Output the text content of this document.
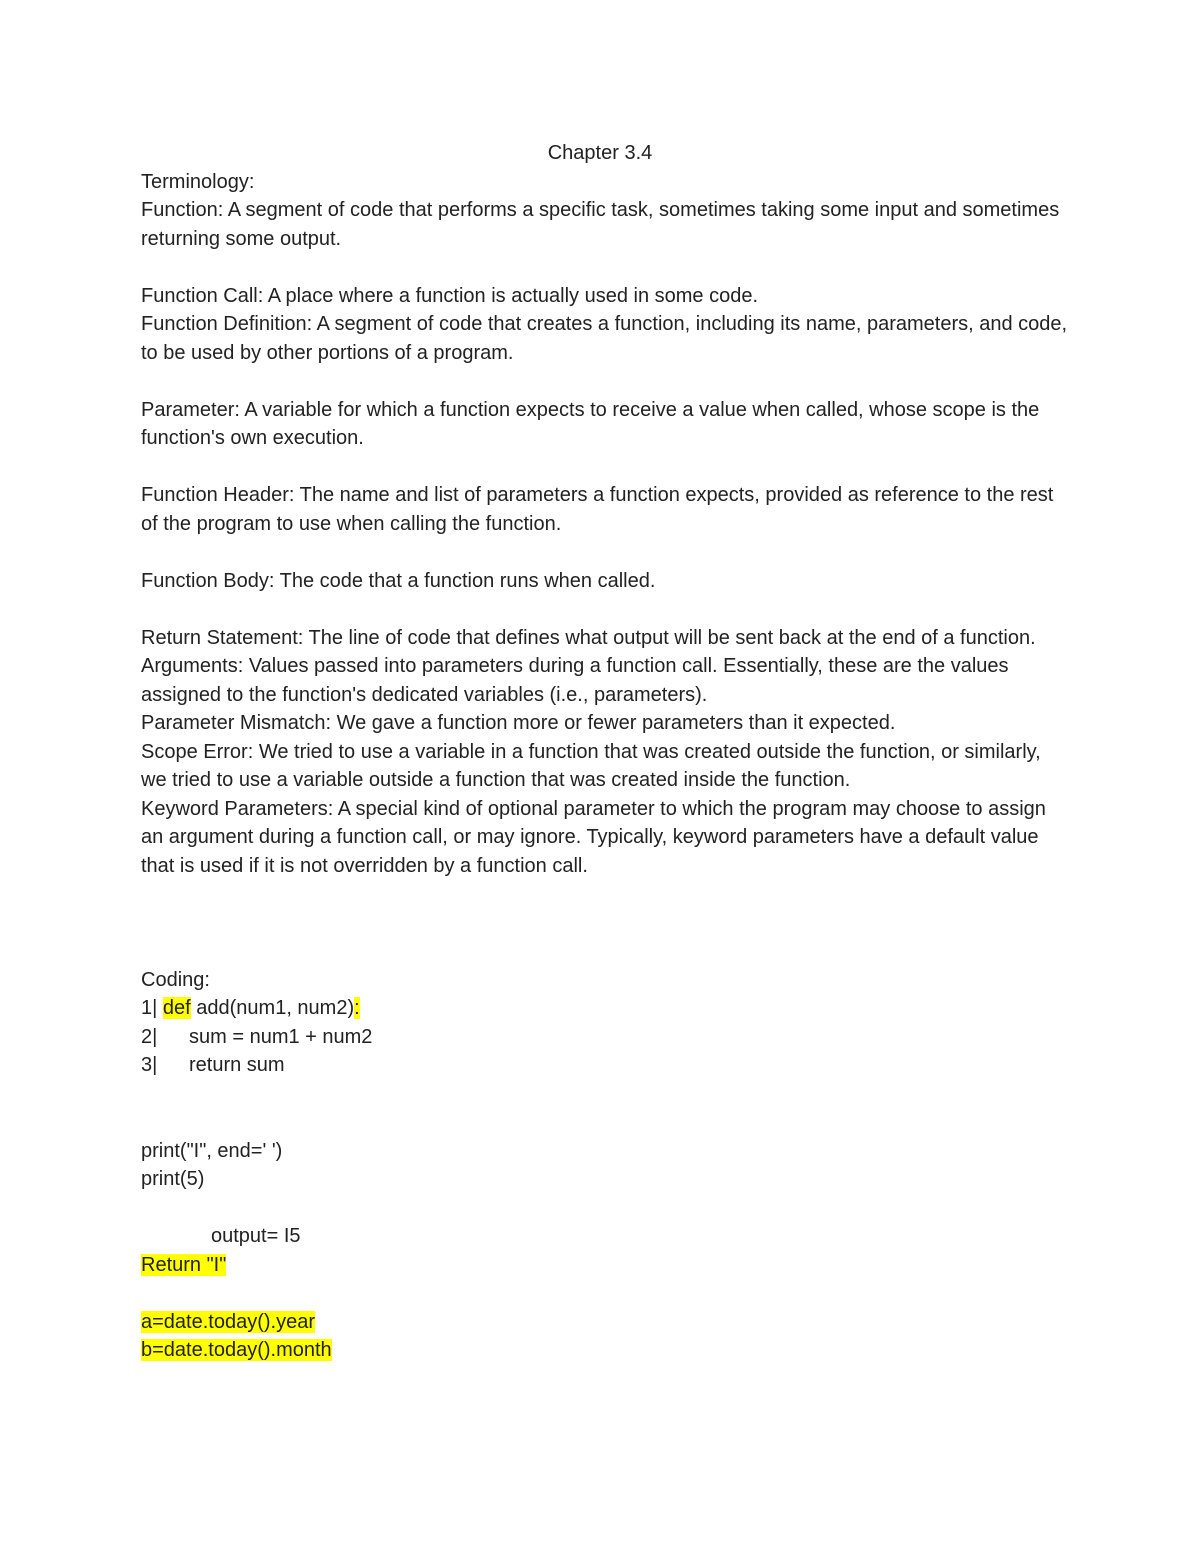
Chapter 3.4

Terminology:

Function: A segment of code that performs a specific task, sometimes taking some input and sometimes returning some output.

Function Call: A place where a function is actually used in some code.

Function Definition: A segment of code that creates a function, including its name, parameters, and code, to be used by other portions of a program.

Parameter: A variable for which a function expects to receive a value when called, whose scope is the function's own execution.

Function Header: The name and list of parameters a function expects, provided as reference to the rest of the program to use when calling the function.

Function Body: The code that a function runs when called.

Return Statement: The line of code that defines what output will be sent back at the end of a function.

Arguments: Values passed into parameters during a function call. Essentially, these are the values assigned to the function's dedicated variables (i.e., parameters).

Parameter Mismatch: We gave a function more or fewer parameters than it expected.

Scope Error: We tried to use a variable in a function that was created outside the function, or similarly, we tried to use a variable outside a function that was created inside the function.

Keyword Parameters: A special kind of optional parameter to which the program may choose to assign an argument during a function call, or may ignore. Typically, keyword parameters have a default value that is used if it is not overridden by a function call.

Coding:

1| def add(num1, num2):

2| sum = num1 + num2

3| return sum

print("I", end=' ')

print(5)

output= I5

Return "I"

a=date.today().year

b=date.today().month
